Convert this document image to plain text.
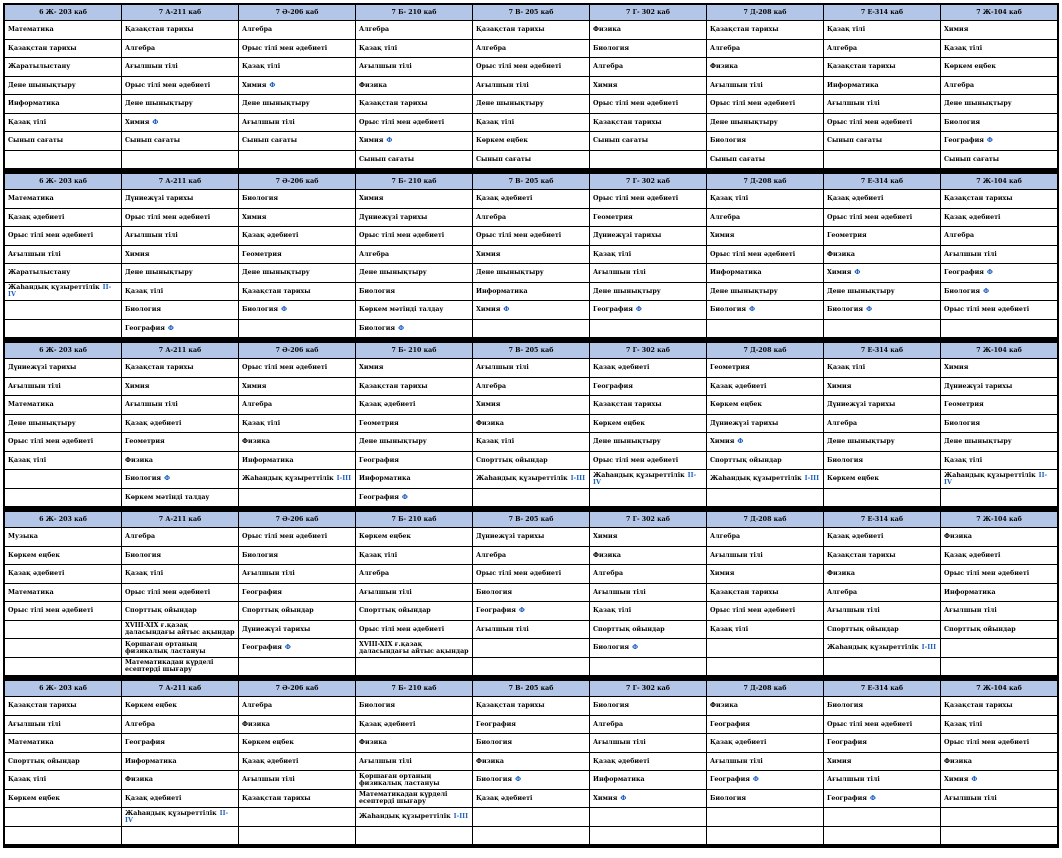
6 Ж- 203 каб	7 А-211 каб	7 Ә-206 каб	7 Б- 210 каб	7 В- 205 каб	7 Г- 302 каб	7 Д-208 каб	7 Е-314 каб	7 Ж-104 каб
Математика	Қазақстан тарихы	Алгебра	Алгебра	Қазақстан тарихы	Физика	Қазақстан тарихы	Қазақ тілі	Химия
Қазақстан тарихы	Алгебра	Орыс тілі мен әдебиеті	Қазақ тілі	Алгебра	Биология	Алгебра	Алгебра	Қазақ тілі
Жаратылыстану	Ағылшын тілі	Қазақ тілі	Ағылшын тілі	Орыс тілі мен әдебиеті	Алгебра	Физика	Қазақстан тарихы	Көркем еңбек
Дене шынықтыру	Орыс тілі мен әдебиеті	Химия Ф	Физика	Ағылшын тілі	Химия	Ағылшын тілі	Информатика	Алгебра
Информатика	Дене шынықтыру	Дене шынықтыру	Қазақстан тарихы	Дене шынықтыру	Орыс тілі мен әдебиеті	Орыс тілі мен әдебиеті	Ағылшын тілі	Дене шынықтыру
Қазақ тілі	Химия Ф	Ағылшын тілі	Орыс тілі мен әдебиеті	Қазақ тілі	Қазақстан тарихы	Дене шынықтыру	Орыс тілі мен әдебиеті	Биология
Сынып сағаты	Сынып сағаты	Сынып сағаты	Химия Ф	Көркем еңбек	Сынып сағаты	Биология	Сынып сағаты	География Ф
			Сынып сағаты	Сынып сағаты		Сынып сағаты		Сынып сағаты
6 Ж- 203 каб	7 А-211 каб	7 Ә-206 каб	7 Б- 210 каб	7 В- 205 каб	7 Г- 302 каб	7 Д-208 каб	7 Е-314 каб	7 Ж-104 каб
Математика	Дүниежүзі тарихы	Биология	Химия	Қазақ әдебиеті	Орыс тілі мен әдебиеті	Қазақ тілі	Қазақ әдебиеті	Қазақстан тарихы
Қазақ әдебиеті	Орыс тілі мен әдебиеті	Химия	Дүниежүзі тарихы	Алгебра	Геометрия	Алгебра	Орыс тілі мен әдебиеті	Қазақ әдебиеті
Орыс тілі мен әдебиеті	Ағылшын тілі	Қазақ әдебиеті	Орыс тілі мен әдебиеті	Орыс тілі мен әдебиеті	Дүниежүзі тарихы	Химия	Геометрия	Алгебра
Ағылшын тілі	Химия	Геометрия	Алгебра	Химия	Қазақ тілі	Орыс тілі мен әдебиеті	Физика	Ағылшын тілі
Жаратылыстану	Дене шынықтыру	Дене шынықтыру	Дене шынықтыру	Дене шынықтыру	Ағылшын тілі	Информатика	Химия Ф	География Ф
Жаһандық құзыреттілік II-IV	Қазақ тілі	Қазақстан тарихы	Биология	Информатика	Дене шынықтыру	Дене шынықтыру	Дене шынықтыру	Биология Ф
	Биология	Биология Ф	Көркем мәтінді талдау	Химия Ф	География Ф	Биология Ф	Биология Ф	Орыс тілі мен әдебиеті
	География Ф		Биология Ф					
6 Ж- 203 каб	7 А-211 каб	7 Ә-206 каб	7 Б- 210 каб	7 В- 205 каб	7 Г- 302 каб	7 Д-208 каб	7 Е-314 каб	7 Ж-104 каб
Дүниежүзі тарихы	Қазақстан тарихы	Орыс тілі мен әдебиеті	Химия	Ағылшын тілі	Қазақ әдебиеті	Геометрия	Қазақ тілі	Химия
Ағылшын тілі	Химия	Химия	Қазақстан тарихы	Алгебра	География	Қазақ әдебиеті	Химия	Дүниежүзі тарихы
Математика	Ағылшын тілі	Алгебра	Қазақ әдебиеті	Химия	Қазақстан тарихы	Көркем еңбек	Дүниежүзі тарихы	Геометрия
Дене шынықтыру	Қазақ әдебиеті	Қазақ тілі	Геометрия	Физика	Көркем еңбек	Дүниежүзі тарихы	Алгебра	Биология
Орыс тілі мен әдебиеті	Геометрия	Физика	Дене шынықтыру	Қазақ тілі	Дене шынықтыру	Химия Ф	Дене шынықтыру	Дене шынықтыру
Қазақ тілі	Физика	Информатика	География	Спорттық ойындар	Орыс тілі мен әдебиеті	Спорттық ойындар	Биология	Қазақ тілі
	Биология Ф	Жаһандық құзыреттілік I-III	Информатика	Жаһандық құзыреттілік I-III	Жаһандық құзыреттілік II-IV	Жаһандық құзыреттілік I-III	Көркем еңбек	Жаһандық құзыреттілік II-IV
	Көркем мәтінді талдау		География Ф					
6 Ж- 203 каб	7 А-211 каб	7 Ә-206 каб	7 Б- 210 каб	7 В- 205 каб	7 Г- 302 каб	7 Д-208 каб	7 Е-314 каб	7 Ж-104 каб
Музыка	Алгебра	Орыс тілі мен әдебиеті	Көркем еңбек	Дүниежүзі тарихы	Химия	Алгебра	Қазақ әдебиеті	Физика
Көркем еңбек	Биология	Биология	Қазақ тілі	Алгебра	Физика	Ағылшын тілі	Қазақстан тарихы	Қазақ әдебиеті
Қазақ әдебиеті	Қазақ тілі	Ағылшын тілі	Алгебра	Орыс тілі мен әдебиеті	Алгебра	Химия	Физика	Орыс тілі мен әдебиеті
Математика	Орыс тілі мен әдебиеті	География	Ағылшын тілі	Биология	Ағылшын тілі	Қазақстан тарихы	Алгебра	Информатика
Орыс тілі мен әдебиеті	Спорттық ойындар	Спорттық ойындар	Спорттық ойындар	География Ф	Қазақ тілі	Орыс тілі мен әдебиеті	Ағылшын тілі	Ағылшын тілі
	XVIII-XIX ғ.қазақ даласындағы айтыс ақындар	Дүниежүзі тарихы	Орыс тілі мен әдебиеті	Ағылшын тілі	Спорттық ойындар	Қазақ тілі	Спорттық ойындар	Спорттық ойындар
	Қоршаған ортаның физикалық ластануы	География Ф	XVIII-XIX ғ.қазақ даласындағы айтыс ақындар		Биология Ф		Жаһандық құзыреттілік I-III	
	Математикадан күрделі есептерді шығару							
6 Ж- 203 каб	7 А-211 каб	7 Ә-206 каб	7 Б- 210 каб	7 В- 205 каб	7 Г- 302 каб	7 Д-208 каб	7 Е-314 каб	7 Ж-104 каб
Қазақстан тарихы	Көркем еңбек	Алгебра	Биология	Қазақстан тарихы	Биология	Физика	Биология	Қазақстан тарихы
Ағылшын тілі	Алгебра	Физика	Қазақ әдебиеті	География	Алгебра	География	Орыс тілі мен әдебиеті	Қазақ тілі
Математика	География	Көркем еңбек	Физика	Биология	Ағылшын тілі	Қазақ әдебиеті	География	Орыс тілі мен әдебиеті
Спорттық ойындар	Информатика	Қазақ әдебиеті	Ағылшын тілі	Физика	Қазақ әдебиеті	Ағылшын тілі	Химия	Физика
Қазақ тілі	Физика	Ағылшын тілі	Қоршаған ортаның физикалық ластануы	Биология Ф	Информатика	География Ф	Ағылшын тілі	Химия Ф
Көркем еңбек	Қазақ әдебиеті	Қазақстан тарихы	Математикадан күрделі есептерді шығару	Қазақ әдебиеті	Химия Ф	Биология	География Ф	Ағылшын тілі
	Жаһандық құзыреттілік II-IV		Жаһандық құзыреттілік I-III					
